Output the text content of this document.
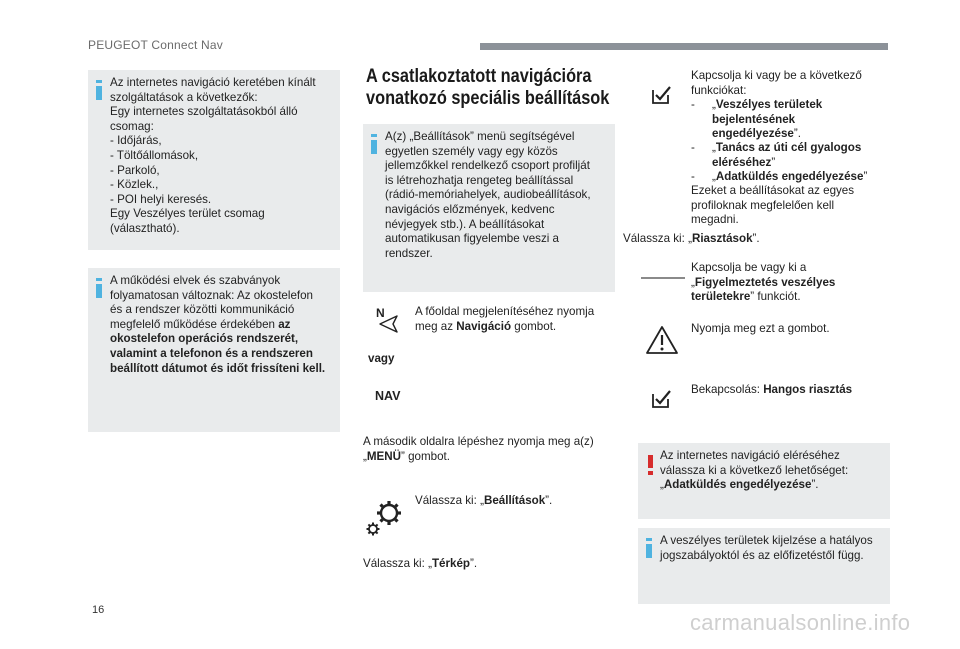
PEUGEOT Connect Nav
Az internetes navigáció keretében kínált
szolgáltatások a következők:
Egy internetes szolgáltatásokból álló
csomag:
- Időjárás,
- Töltőállomások,
- Parkoló,
- Közlek.,
- POI helyi keresés.
Egy Veszélyes terület csomag
(választható).
A működési elvek és szabványok
folyamatosan változnak: Az okostelefon
és a rendszer közötti kommunikáció
megfelelő működése érdekében az
okostelefon operációs rendszerét,
valamint a telefonon és a rendszeren
beállított dátumot és időt frissíteni kell.
A csatlakoztatott navigációra
vonatkozó speciális beállítások
A(z) „Beállítások” menü segítségével
egyetlen személy vagy egy közös
jellemzőkkel rendelkező csoport profilját
is létrehozhatja rengeteg beállítással
(rádió-memóriahelyek, audiobeállítások,
navigációs előzmények, kedvenc
névjegyek stb.). A beállításokat
automatikusan figyelembe veszi a
rendszer.
N	A főoldal megjelenítéséhez nyomja
meg az Navigáció gombot.
vagy
NAV
A második oldalra lépéshez nyomja meg a(z)
„MENÜ” gombot.
Válassza ki: „Beállítások”.
Válassza ki: „Térkép”.
Kapcsolja ki vagy be a következő
funkciókat:
- „Veszélyes területek
bejelentésének
engedélyezése”.
- „Tanács az úti cél gyalogos
eléréséhez”
- „Adatküldés engedélyezése”
Ezeket a beállításokat az egyes
profiloknak megfelelően kell
megadni.
Válassza ki: „Riasztások”.
Kapcsolja be vagy ki a
„Figyelmeztetés veszélyes
területekre” funkciót.
Nyomja meg ezt a gombot.
Bekapcsolás: Hangos riasztás
Az internetes navigáció eléréséhez
válassza ki a következő lehetőséget:
„Adatküldés engedélyezése”.
A veszélyes területek kijelzése a hatályos
jogszabályoktól és az előfizetéstől függ.
16	carmanualsonline.info
